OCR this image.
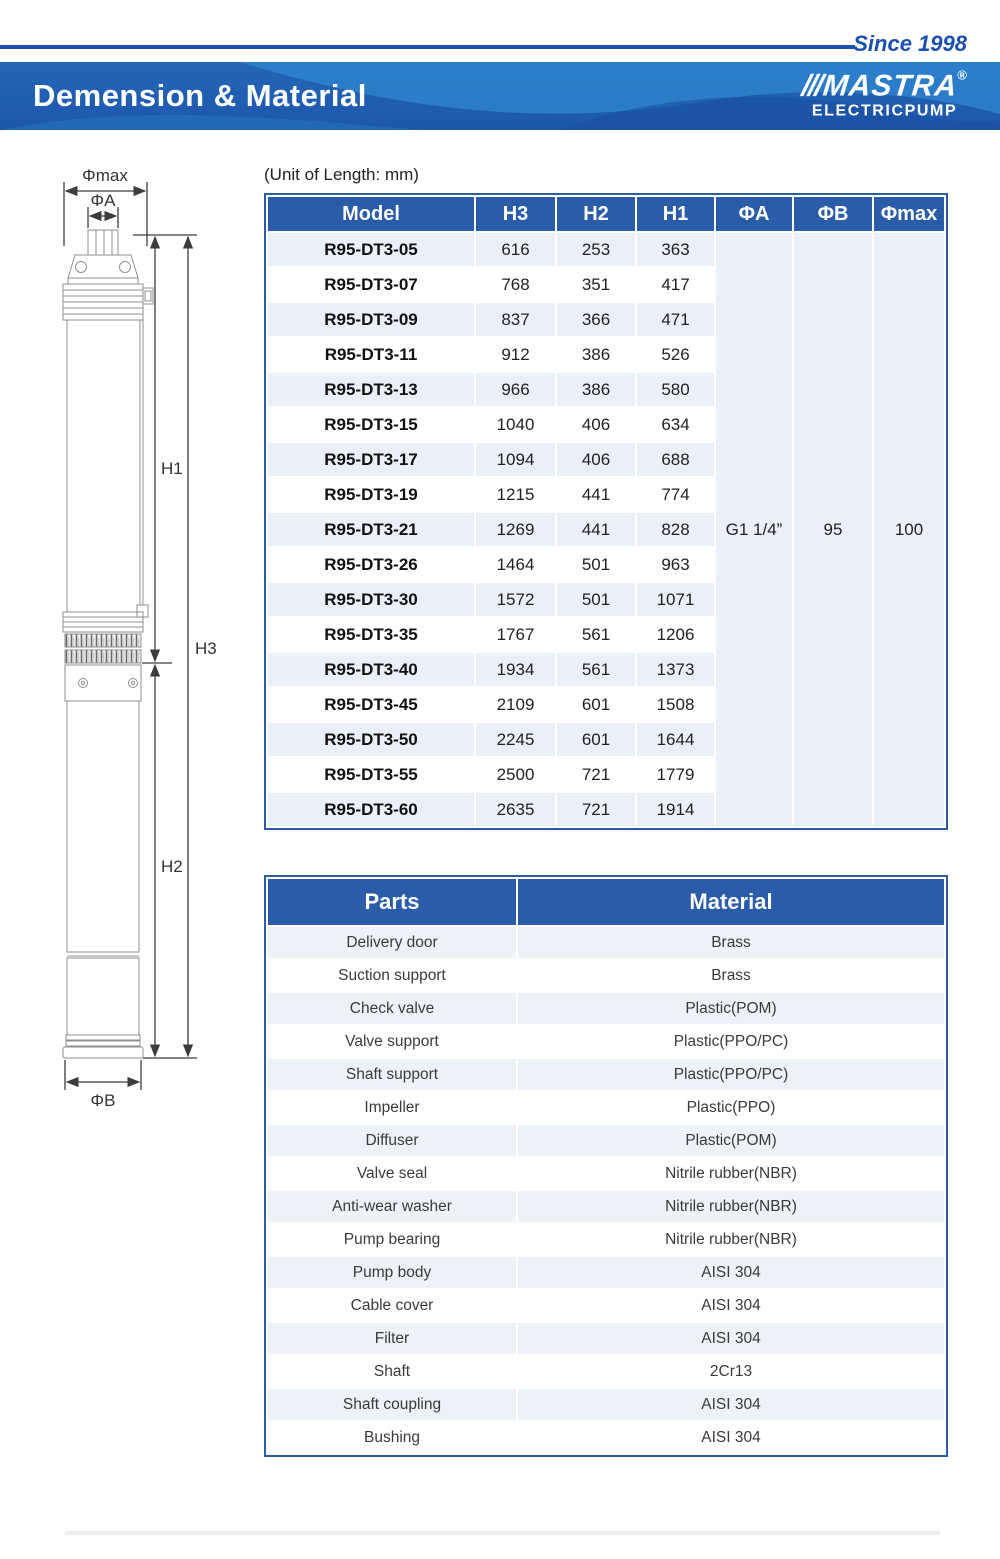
Since 1998
Demension & Material	///MASTRA®
ELECTRICPUMP
Φmax
ΦA
H1
H2
H3
ΦB
(Unit of Length: mm)
Model	H3	H2	H1	ΦA	ΦB	Φmax
R95-DT3-05	616	253	363	G1 1/4”	95	100
R95-DT3-07	768	351	417			
R95-DT3-09	837	366	471			
R95-DT3-11	912	386	526			
R95-DT3-13	966	386	580			
R95-DT3-15	1040	406	634			
R95-DT3-17	1094	406	688			
R95-DT3-19	1215	441	774			
R95-DT3-21	1269	441	828			
R95-DT3-26	1464	501	963			
R95-DT3-30	1572	501	1071			
R95-DT3-35	1767	561	1206			
R95-DT3-40	1934	561	1373			
R95-DT3-45	2109	601	1508			
R95-DT3-50	2245	601	1644			
R95-DT3-55	2500	721	1779			
R95-DT3-60	2635	721	1914			
Parts	Material
Delivery door	Brass
Suction support	Brass
Check valve	Plastic(POM)
Valve support	Plastic(PPO/PC)
Shaft support	Plastic(PPO/PC)
Impeller	Plastic(PPO)
Diffuser	Plastic(POM)
Valve seal	Nitrile rubber(NBR)
Anti-wear washer	Nitrile rubber(NBR)
Pump bearing	Nitrile rubber(NBR)
Pump body	AISI 304
Cable cover	AISI 304
Filter	AISI 304
Shaft	2Cr13
Shaft coupling	AISI 304
Bushing	AISI 304
